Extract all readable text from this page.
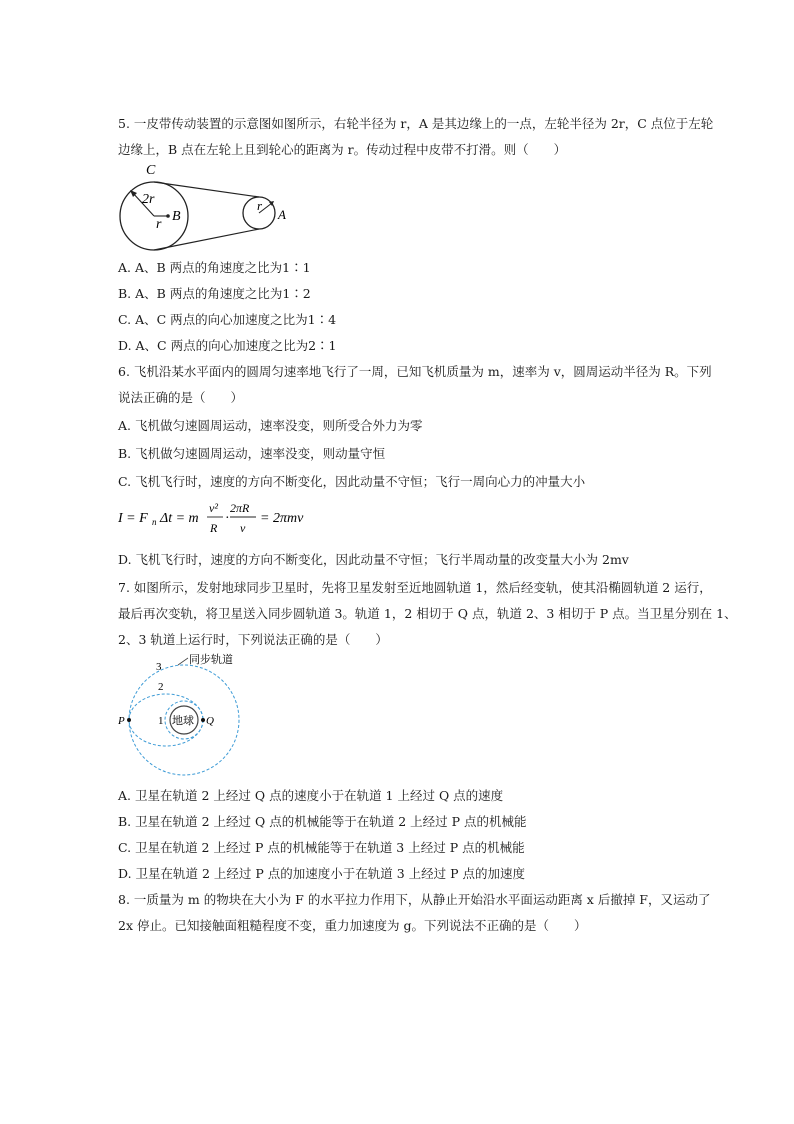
5. 一皮带传动装置的示意图如图所示，右轮半径为 r，A 是其边缘上的一点，左轮半径为 2r，C 点位于左轮
边缘上，B 点在左轮上且到轮心的距离为 r。传动过程中皮带不打滑。则（　　）
C
2r
B
r
r
A
A. A、B 两点的角速度之比为1∶1
B. A、B 两点的角速度之比为1∶2
C. A、C 两点的向心加速度之比为1∶4
D. A、C 两点的向心加速度之比为2∶1
6. 飞机沿某水平面内的圆周匀速率地飞行了一周，已知飞机质量为 m，速率为 v，圆周运动半径为 R。下列
说法正确的是（　　）
A. 飞机做匀速圆周运动，速率没变，则所受合外力为零
B. 飞机做匀速圆周运动，速率没变，则动量守恒
C. 飞机飞行时，速度的方向不断变化，因此动量不守恒；飞行一周向心力的冲量大小
I = F n Δt = m
v²
R
·
2πR
v
= 2πmv
D. 飞机飞行时，速度的方向不断变化，因此动量不守恒；飞行半周动量的改变量大小为 2mv
7. 如图所示，发射地球同步卫星时，先将卫星发射至近地圆轨道 1，然后经变轨，使其沿椭圆轨道 2 运行，
最后再次变轨，将卫星送入同步圆轨道 3。轨道 1，2 相切于 Q 点，轨道 2、3 相切于 P 点。当卫星分别在 1、
2、3 轨道上运行时，下列说法正确的是（　　）
同步轨道
3
2
1 地球
P	Q
A. 卫星在轨道 2 上经过 Q 点的速度小于在轨道 1 上经过 Q 点的速度
B. 卫星在轨道 2 上经过 Q 点的机械能等于在轨道 2 上经过 P 点的机械能
C. 卫星在轨道 2 上经过 P 点的机械能等于在轨道 3 上经过 P 点的机械能
D. 卫星在轨道 2 上经过 P 点的加速度小于在轨道 3 上经过 P 点的加速度
8. 一质量为 m 的物块在大小为 F 的水平拉力作用下，从静止开始沿水平面运动距离 x 后撤掉 F，又运动了
2x 停止。已知接触面粗糙程度不变，重力加速度为 g。下列说法不正确的是（　　）
